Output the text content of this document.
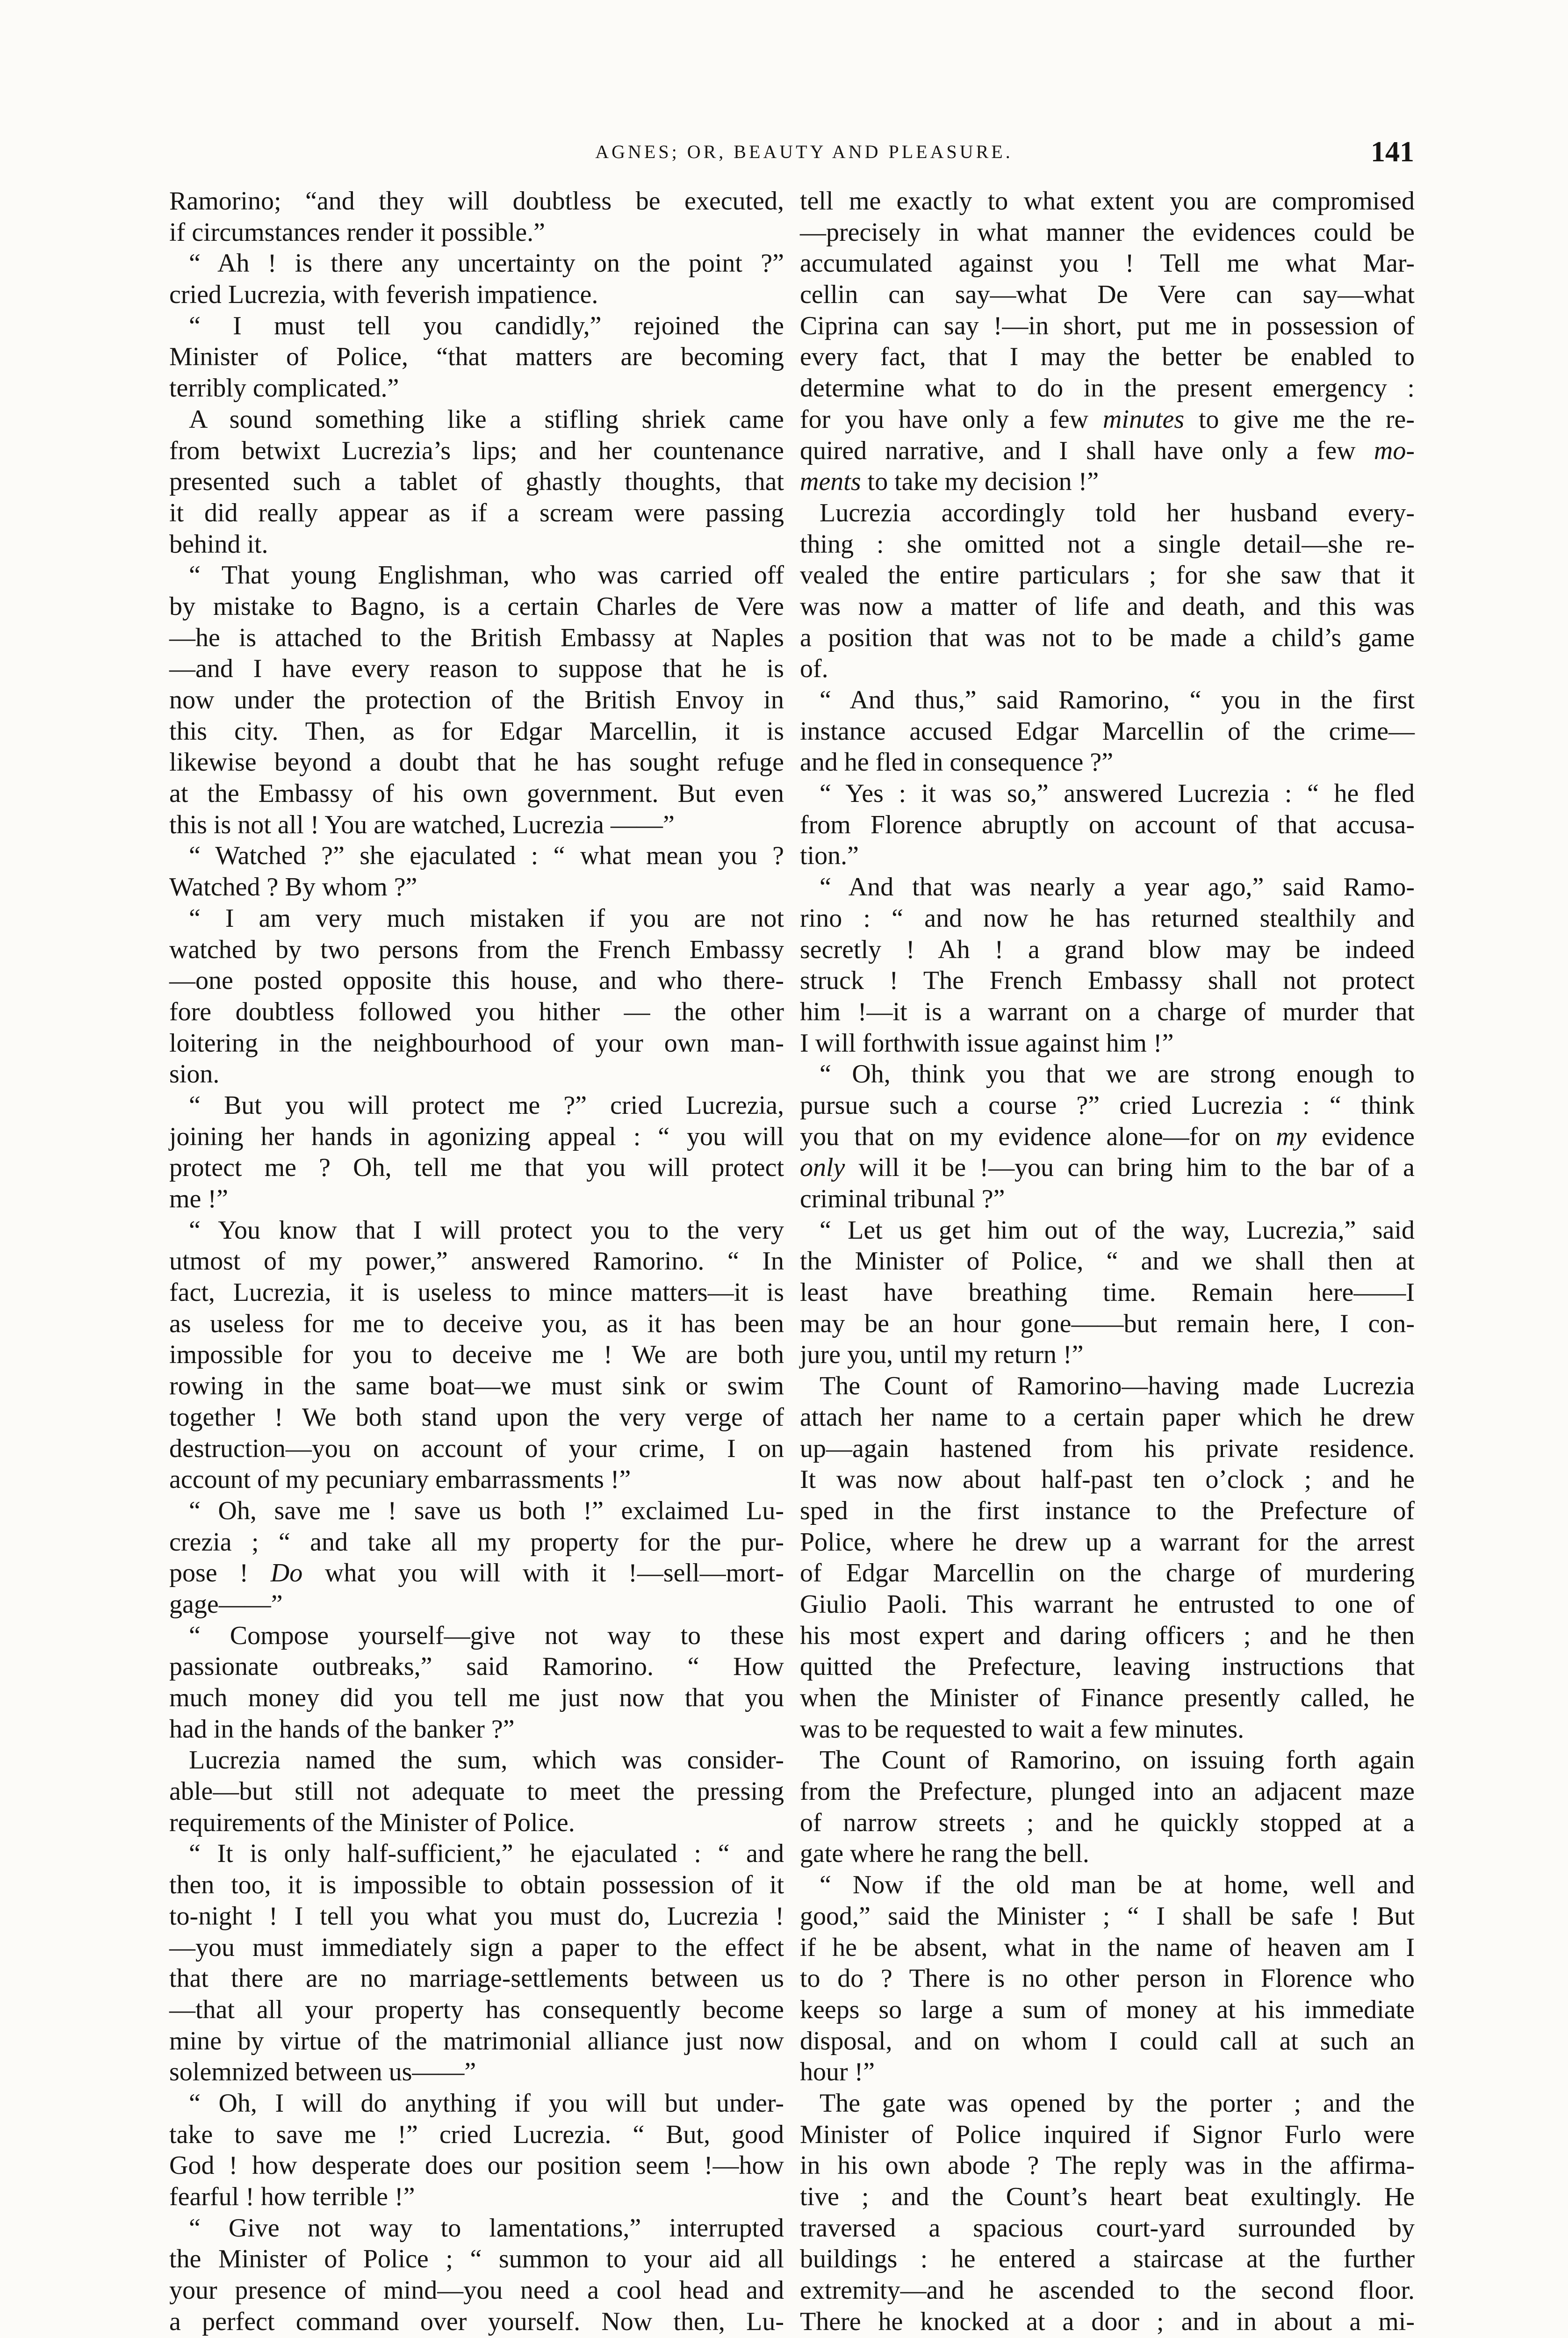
AGNES; OR, BEAUTY AND PLEASURE.	141
Ramorino; “and they will doubtless be executed,
if circumstances render it possible.”
“ Ah ! is there any uncertainty on the point ?”
cried Lucrezia, with feverish impatience.
“ I must tell you candidly,” rejoined the
Minister of Police, “that matters are becoming
terribly complicated.”
A sound something like a stifling shriek came
from betwixt Lucrezia’s lips; and her countenance
presented such a tablet of ghastly thoughts, that
it did really appear as if a scream were passing
behind it.
“ That young Englishman, who was carried off
by mistake to Bagno, is a certain Charles de Vere
—he is attached to the British Embassy at Naples
—and I have every reason to suppose that he is
now under the protection of the British Envoy in
this city. Then, as for Edgar Marcellin, it is
likewise beyond a doubt that he has sought refuge
at the Embassy of his own government. But even
this is not all ! You are watched, Lucrezia ——”
“ Watched ?” she ejaculated : “ what mean you ?
Watched ? By whom ?”
“ I am very much mistaken if you are not
watched by two persons from the French Embassy
—one posted opposite this house, and who there-
fore doubtless followed you hither — the other
loitering in the neighbourhood of your own man-
sion.
“ But you will protect me ?” cried Lucrezia,
joining her hands in agonizing appeal : “ you will
protect me ? Oh, tell me that you will protect
me !”
“ You know that I will protect you to the very
utmost of my power,” answered Ramorino. “ In
fact, Lucrezia, it is useless to mince matters—it is
as useless for me to deceive you, as it has been
impossible for you to deceive me ! We are both
rowing in the same boat—we must sink or swim
together ! We both stand upon the very verge of
destruction—you on account of your crime, I on
account of my pecuniary embarrassments !”
“ Oh, save me ! save us both !” exclaimed Lu-
crezia ; “ and take all my property for the pur-
pose ! Do what you will with it !—sell—mort-
gage——”
“ Compose yourself—give not way to these
passionate outbreaks,” said Ramorino. “ How
much money did you tell me just now that you
had in the hands of the banker ?”
Lucrezia named the sum, which was consider-
able—but still not adequate to meet the pressing
requirements of the Minister of Police.
“ It is only half-sufficient,” he ejaculated : “ and
then too, it is impossible to obtain possession of it
to-night ! I tell you what you must do, Lucrezia !
—you must immediately sign a paper to the effect
that there are no marriage-settlements between us
—that all your property has consequently become
mine by virtue of the matrimonial alliance just now
solemnized between us——”
“ Oh, I will do anything if you will but under-
take to save me !” cried Lucrezia. “ But, good
God ! how desperate does our position seem !—how
fearful ! how terrible !”
“ Give not way to lamentations,” interrupted
the Minister of Police ; “ summon to your aid all
your presence of mind—you need a cool head and
a perfect command over yourself. Now then, Lu-
tell me exactly to what extent you are compromised
—precisely in what manner the evidences could be
accumulated against you ! Tell me what Mar-
cellin can say—what De Vere can say—what
Ciprina can say !—in short, put me in possession of
every fact, that I may the better be enabled to
determine what to do in the present emergency :
for you have only a few minutes to give me the re-
quired narrative, and I shall have only a few mo-
ments to take my decision !”
Lucrezia accordingly told her husband every-
thing : she omitted not a single detail—she re-
vealed the entire particulars ; for she saw that it
was now a matter of life and death, and this was
a position that was not to be made a child’s game
of.
“ And thus,” said Ramorino, “ you in the first
instance accused Edgar Marcellin of the crime—
and he fled in consequence ?”
“ Yes : it was so,” answered Lucrezia : “ he fled
from Florence abruptly on account of that accusa-
tion.”
“ And that was nearly a year ago,” said Ramo-
rino : “ and now he has returned stealthily and
secretly ! Ah ! a grand blow may be indeed
struck ! The French Embassy shall not protect
him !—it is a warrant on a charge of murder that
I will forthwith issue against him !”
“ Oh, think you that we are strong enough to
pursue such a course ?” cried Lucrezia : “ think
you that on my evidence alone—for on my evidence
only will it be !—you can bring him to the bar of a
criminal tribunal ?”
“ Let us get him out of the way, Lucrezia,” said
the Minister of Police, “ and we shall then at
least have breathing time. Remain here——I
may be an hour gone——but remain here, I con-
jure you, until my return !”
The Count of Ramorino—having made Lucrezia
attach her name to a certain paper which he drew
up—again hastened from his private residence.
It was now about half-past ten o’clock ; and he
sped in the first instance to the Prefecture of
Police, where he drew up a warrant for the arrest
of Edgar Marcellin on the charge of murdering
Giulio Paoli. This warrant he entrusted to one of
his most expert and daring officers ; and he then
quitted the Prefecture, leaving instructions that
when the Minister of Finance presently called, he
was to be requested to wait a few minutes.
The Count of Ramorino, on issuing forth again
from the Prefecture, plunged into an adjacent maze
of narrow streets ; and he quickly stopped at a
gate where he rang the bell.
“ Now if the old man be at home, well and
good,” said the Minister ; “ I shall be safe ! But
if he be absent, what in the name of heaven am I
to do ? There is no other person in Florence who
keeps so large a sum of money at his immediate
disposal, and on whom I could call at such an
hour !”
The gate was opened by the porter ; and the
Minister of Police inquired if Signor Furlo were
in his own abode ? The reply was in the affirma-
tive ; and the Count’s heart beat exultingly. He
traversed a spacious court-yard surrounded by
buildings : he entered a staircase at the further
extremity—and he ascended to the second floor.
There he knocked at a door ; and in about a mi-
